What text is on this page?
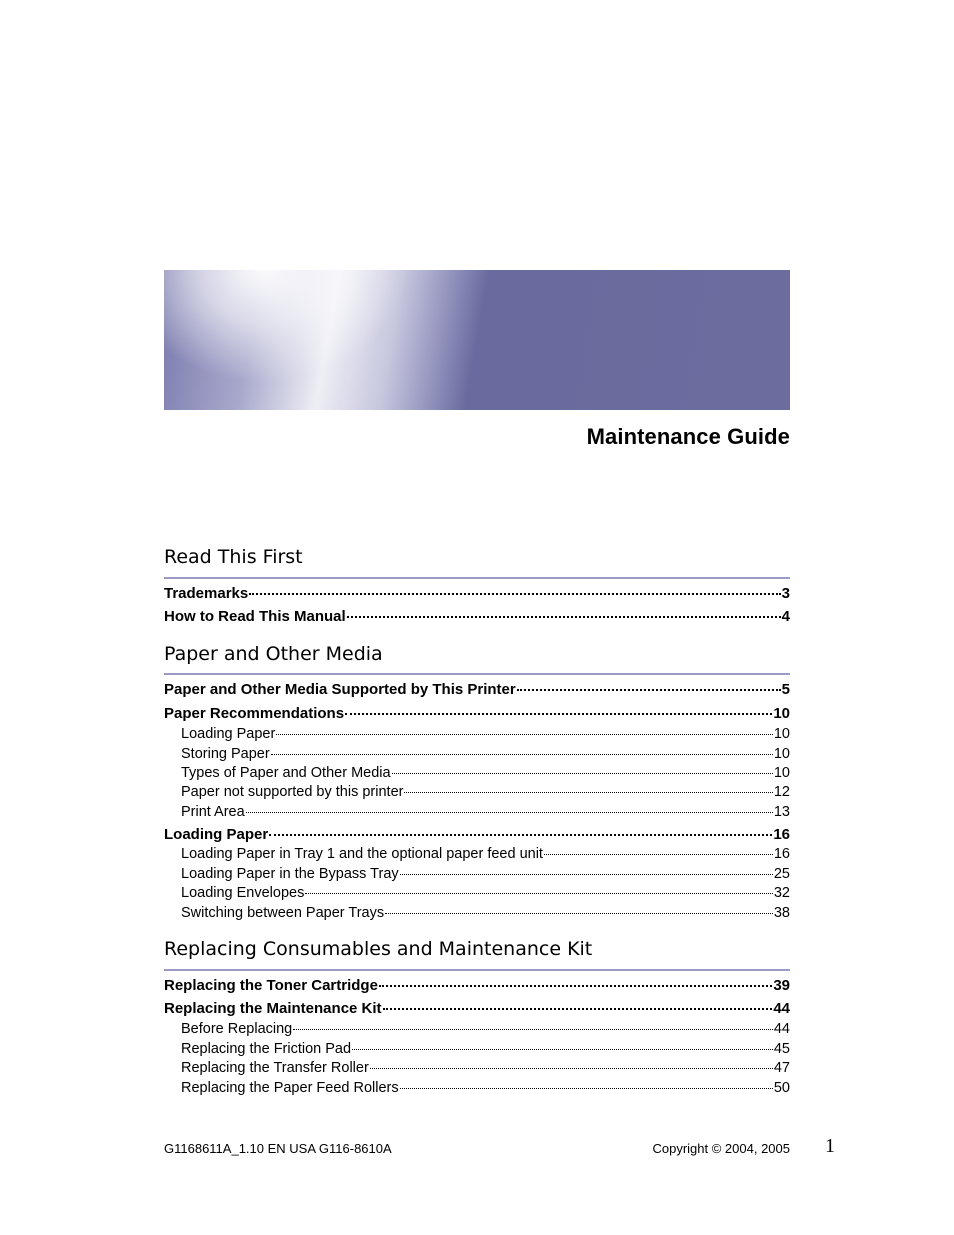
Maintenance Guide
Read This First
Trademarks	3
How to Read This Manual	4
Paper and Other Media
Paper and Other Media Supported by This Printer	5
Paper Recommendations	10
Loading Paper	10
Storing Paper	10
Types of Paper and Other Media	10
Paper not supported by this printer	12
Print Area	13
Loading Paper	16
Loading Paper in Tray 1 and the optional paper feed unit	16
Loading Paper in the Bypass Tray	25
Loading Envelopes	32
Switching between Paper Trays	38
Replacing Consumables and Maintenance Kit
Replacing the Toner Cartridge	39
Replacing the Maintenance Kit	44
Before Replacing	44
Replacing the Friction Pad	45
Replacing the Transfer Roller	47
Replacing the Paper Feed Rollers	50
G1168611A_1.10 EN USA G116-8610A	Copyright © 2004, 2005 1
